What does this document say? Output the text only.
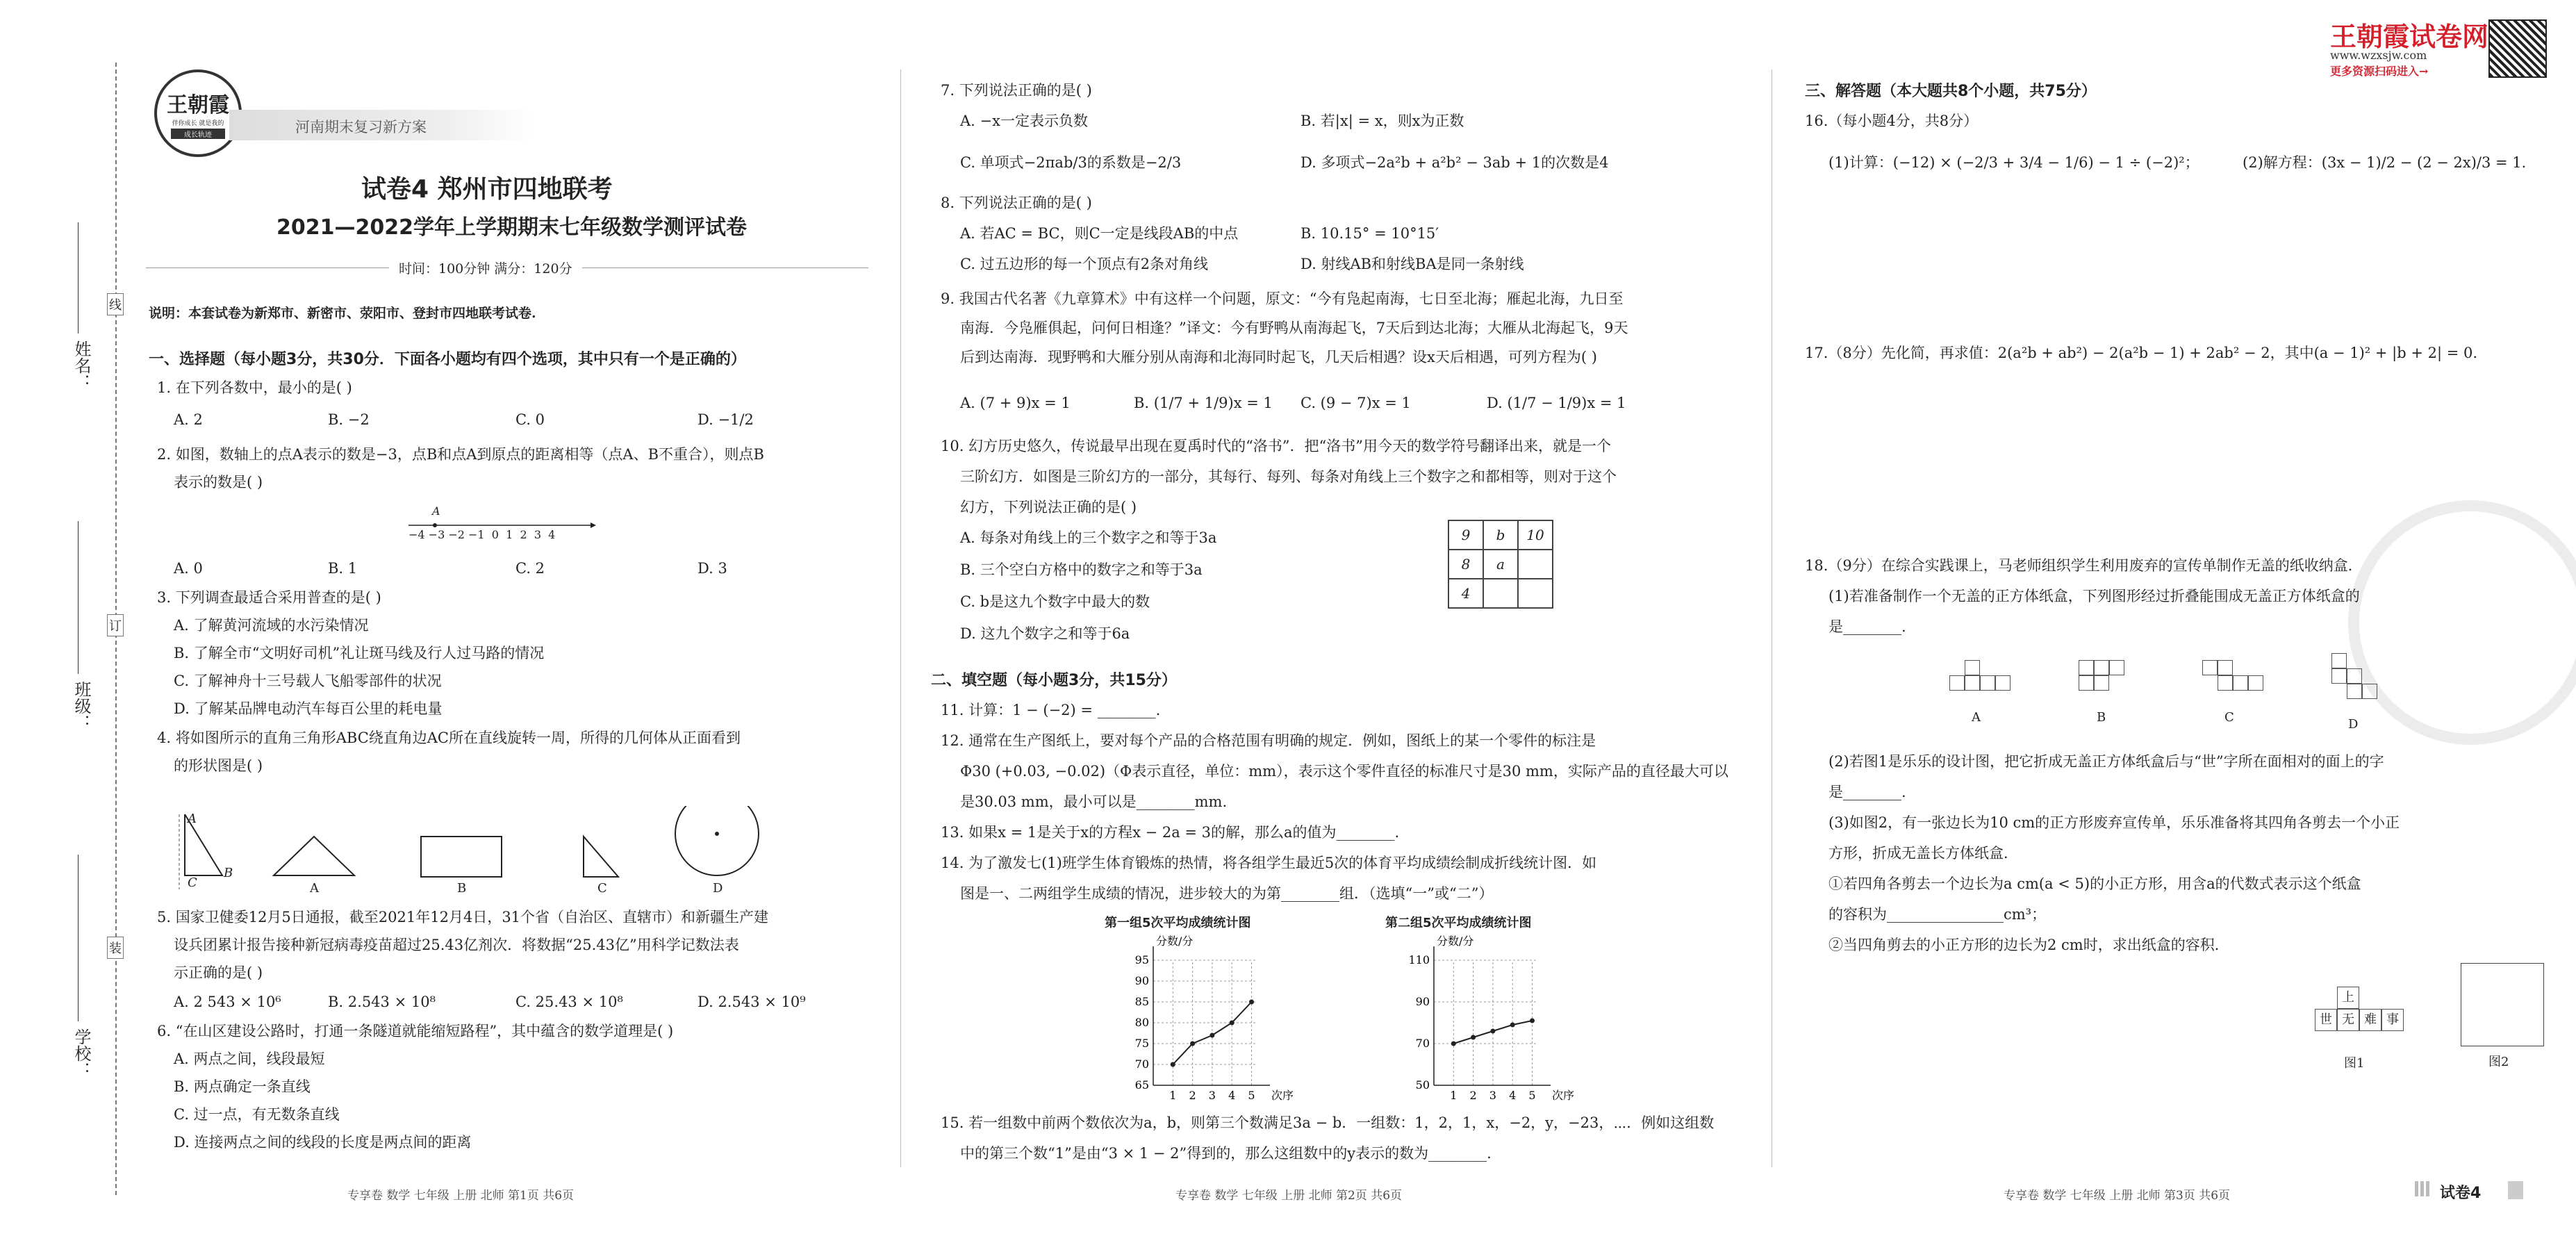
姓名：
班级：
学校：
线
订
装
王朝霞
伴你成长 就是我的
成长轨迹	河南期末复习新方案
试卷4 郑州市四地联考
2021—2022学年上学期期末七年级数学测评试卷
时间：100分钟 满分：120分
说明：本套试卷为新郑市、新密市、荥阳市、登封市四地联考试卷.
王朝霞试卷网
www.wzxsjw.com
更多资源扫码进入→
一、选择题（每小题3分，共30分．下面各小题均有四个选项，其中只有一个是正确的）
1. 在下列各数中，最小的是( )
A. 2	B. −2	C. 0	D. −1/2
2. 如图，数轴上的点A表示的数是−3，点B和点A到原点的距离相等（点A、B不重合），则点B
表示的数是( )
A
−4 −3 −2 −1  0  1  2  3  4
A. 0	B. 1	C. 2	D. 3
3. 下列调查最适合采用普查的是( )
A. 了解黄河流域的水污染情况
B. 了解全市“文明好司机”礼让斑马线及行人过马路的情况
C. 了解神舟十三号载人飞船零部件的状况
D. 了解某品牌电动汽车每百公里的耗电量
4. 将如图所示的直角三角形ABC绕直角边AC所在直线旋转一周，所得的几何体从正面看到
的形状图是( )
A
B
C	A	B	C	D
5. 国家卫健委12月5日通报，截至2021年12月4日，31个省（自治区、直辖市）和新疆生产建
设兵团累计报告接种新冠病毒疫苗超过25.43亿剂次．将数据“25.43亿”用科学记数法表
示正确的是( )
A. 2 543 × 10⁶	B. 2.543 × 10⁸	C. 25.43 × 10⁸	D. 2.543 × 10⁹
6. “在山区建设公路时，打通一条隧道就能缩短路程”，其中蕴含的数学道理是( )
A. 两点之间，线段最短
B. 两点确定一条直线
C. 过一点，有无数条直线
D. 连接两点之间的线段的长度是两点间的距离
专享卷 数学 七年级 上册 北师 第1页 共6页
7. 下列说法正确的是( )
A. −x一定表示负数	B. 若|x| = x，则x为正数
C. 单项式−2πab/3的系数是−2/3	D. 多项式−2a²b + a²b² − 3ab + 1的次数是4
8. 下列说法正确的是( )
A. 若AC = BC，则C一定是线段AB的中点	B. 10.15° = 10°15′
C. 过五边形的每一个顶点有2条对角线	D. 射线AB和射线BA是同一条射线
9. 我国古代名著《九章算术》中有这样一个问题，原文：“今有凫起南海，七日至北海；雁起北海，九日至
南海．今凫雁俱起，问何日相逢？”译文：今有野鸭从南海起飞，7天后到达北海；大雁从北海起飞，9天
后到达南海．现野鸭和大雁分别从南海和北海同时起飞，几天后相遇？设x天后相遇，可列方程为( )
A. (7 + 9)x = 1	B. (1/7 + 1/9)x = 1 C. (9 − 7)x = 1	D. (1/7 − 1/9)x = 1
10. 幻方历史悠久，传说最早出现在夏禹时代的“洛书”．把“洛书”用今天的数学符号翻译出来，就是一个
三阶幻方．如图是三阶幻方的一部分，其每行、每列、每条对角线上三个数字之和都相等，则对于这个
幻方，下列说法正确的是( )
A. 每条对角线上的三个数字之和等于3a
B. 三个空白方格中的数字之和等于3a
C. b是这九个数字中最大的数
D. 这九个数字之和等于6a
9	b	10
8	a	
4		
二、填空题（每小题3分，共15分）
11. 计算：1 − (−2) = ________.
12. 通常在生产图纸上，要对每个产品的合格范围有明确的规定．例如，图纸上的某一个零件的标注是
Φ30 (+0.03, −0.02)（Φ表示直径，单位：mm），表示这个零件直径的标准尺寸是30 mm，实际产品的直径最大可以
是30.03 mm，最小可以是________mm.
13. 如果x = 1是关于x的方程x − 2a = 3的解，那么a的值为________.
14. 为了激发七(1)班学生体育锻炼的热情，将各组学生最近5次的体育平均成绩绘制成折线统计图．如
图是一、二两组学生成绩的情况，进步较大的为第________组．（选填“一”或“二”）
第一组5次平均成绩统计图
65
70
75
80
85
90
95
1 2 3 4 5
分数/分
次序
第二组5次平均成绩统计图
50
70
90
110
1 2 3 4 5
分数/分
次序
15. 若一组数中前两个数依次为a，b，则第三个数满足3a − b．一组数：1，2，1，x，−2，y，−23，⋯．例如这组数
中的第三个数“1”是由“3 × 1 − 2”得到的，那么这组数中的y表示的数为________.
专享卷 数学 七年级 上册 北师 第2页 共6页
三、解答题（本大题共8个小题，共75分）
16.（每小题4分，共8分）
(1)计算：(−12) × (−2/3 + 3/4 − 1/6) − 1 ÷ (−2)²；	(2)解方程：(3x − 1)/2 − (2 − 2x)/3 = 1.
17.（8分）先化简，再求值：2(a²b + ab²) − 2(a²b − 1) + 2ab² − 2，其中(a − 1)² + |b + 2| = 0.
18.（9分）在综合实践课上，马老师组织学生利用废弃的宣传单制作无盖的纸收纳盒．
(1)若准备制作一个无盖的正方体纸盒，下列图形经过折叠能围成无盖正方体纸盒的
是________.
A	B	C	D
(2)若图1是乐乐的设计图，把它折成无盖正方体纸盒后与“世”字所在面相对的面上的字
是________.
(3)如图2，有一张边长为10 cm的正方形废弃宣传单，乐乐准备将其四角各剪去一个小正
方形，折成无盖长方体纸盒．
①若四角各剪去一个边长为a cm(a < 5)的小正方形，用含a的代数式表示这个纸盒
的容积为________________cm³；
②当四角剪去的小正方形的边长为2 cm时，求出纸盒的容积．
上
世 无 难 事
图1	图2
专享卷 数学 七年级 上册 北师 第3页 共6页	试卷4
